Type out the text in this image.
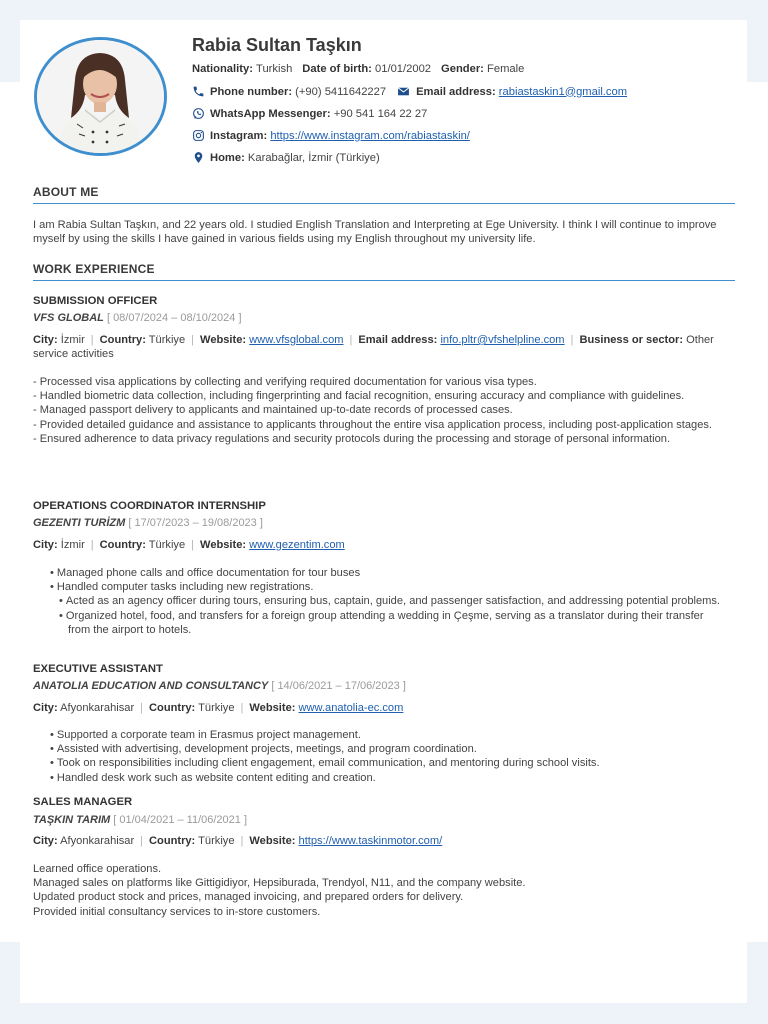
Rabia Sultan Taşkın
Nationality:
Turkish Date of birth:
01/01/2002 Gender:
Female
Phone number:
(+90) 5411642227	Email address:
rabiastaskin1@gmail.com
WhatsApp Messenger:
+90 541 164 22 27
Instagram:
https://www.instagram.com/rabiastaskin/
Home:
Karabağlar, İzmir (Türkiye)
ABOUT ME
I am Rabia Sultan Taşkın, and 22 years old. I studied English Translation and Interpreting at Ege University. I think I will continue to improve myself by using the skills I have gained in various fields using my English throughout my university life.
WORK EXPERIENCE
SUBMISSION OFFICER
VFS GLOBAL [ 08/07/2024 – 08/10/2024 ]
City: İzmir | Country: Türkiye | Website: www.vfsglobal.com | Email address: info.pltr@vfshelpline.com | Business or sector: Other service activities
- Processed visa applications by collecting and verifying required documentation for various visa types.
- Handled biometric data collection, including fingerprinting and facial recognition, ensuring accuracy and compliance with guidelines.
- Managed passport delivery to applicants and maintained up-to-date records of processed cases.
- Provided detailed guidance and assistance to applicants throughout the entire visa application process, including post-application stages.
- Ensured adherence to data privacy regulations and security protocols during the processing and storage of personal information.
OPERATIONS COORDINATOR INTERNSHIP
GEZENTI TURİZM [ 17/07/2023 – 19/08/2023 ]
City: İzmir | Country: Türkiye | Website: www.gezentim.com
• Managed phone calls and office documentation for tour buses
• Handled computer tasks including new registrations.
• Acted as an agency officer during tours, ensuring bus, captain, guide, and passenger satisfaction, and addressing potential problems.
• Organized hotel, food, and transfers for a foreign group attending a wedding in Çeşme, serving as a translator during their transfer from the airport to hotels.
EXECUTIVE ASSISTANT
ANATOLIA EDUCATION AND CONSULTANCY [ 14/06/2021 – 17/06/2023 ]
City: Afyonkarahisar | Country: Türkiye | Website: www.anatolia-ec.com
• Supported a corporate team in Erasmus project management.
• Assisted with advertising, development projects, meetings, and program coordination.
• Took on responsibilities including client engagement, email communication, and mentoring during school visits.
• Handled desk work such as website content editing and creation.
SALES MANAGER
TAŞKIN TARIM [ 01/04/2021 – 11/06/2021 ]
City: Afyonkarahisar | Country: Türkiye | Website: https://www.taskinmotor.com/
Learned office operations.
Managed sales on platforms like Gittigidiyor, Hepsiburada, Trendyol, N11, and the company website.
Updated product stock and prices, managed invoicing, and prepared orders for delivery.
Provided initial consultancy services to in-store customers.
